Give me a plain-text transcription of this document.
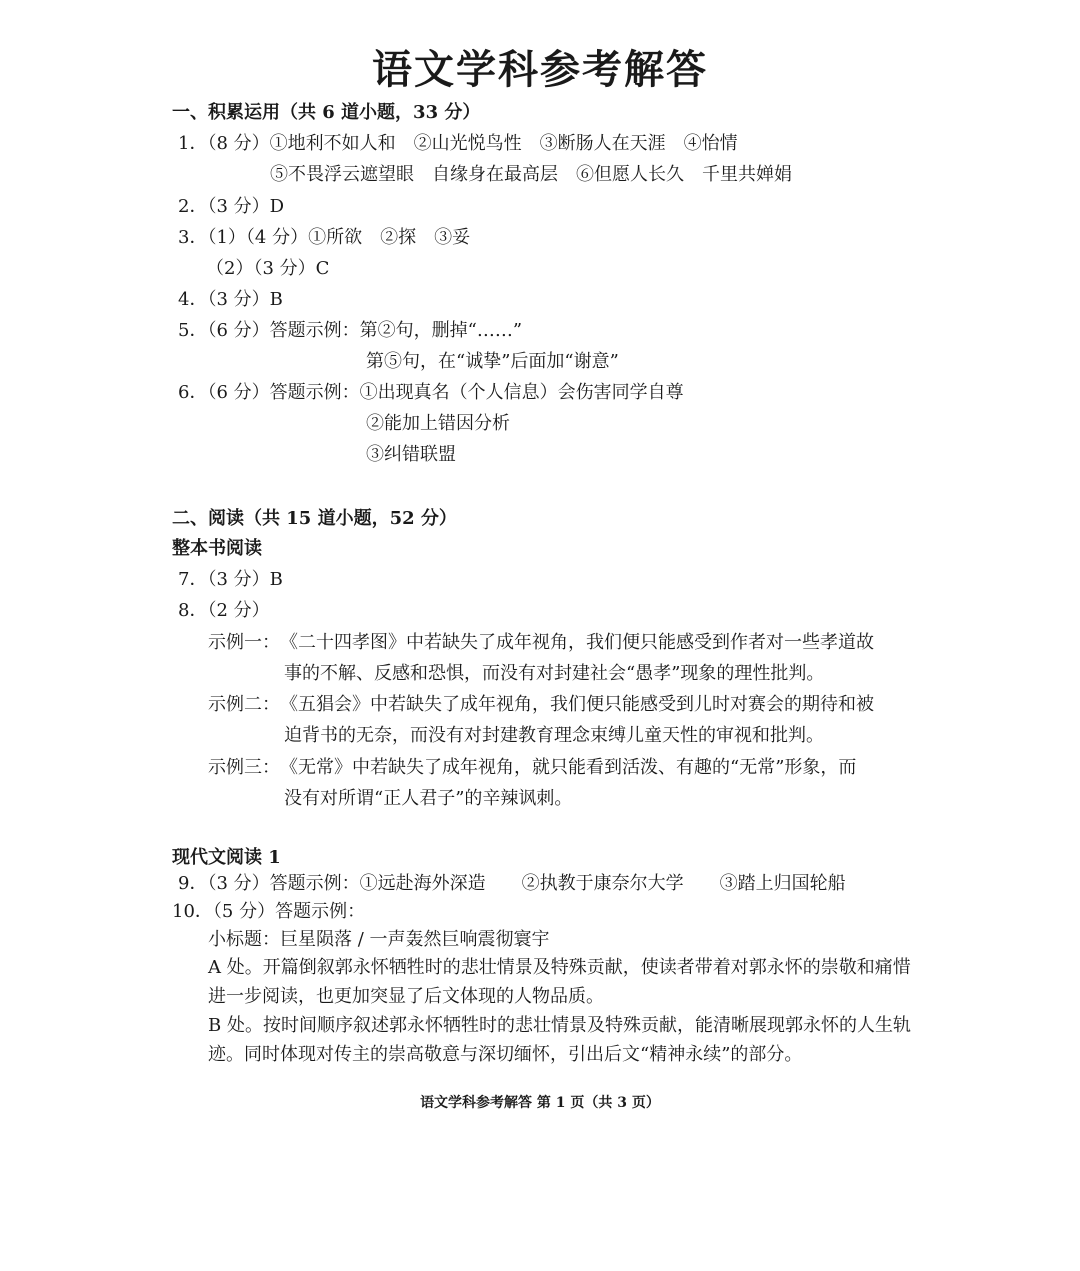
语文学科参考解答
一、积累运用（共 6 道小题，33 分）
1．（8 分）①地利不如人和　②山光悦鸟性　③断肠人在天涯　④怡情
⑤不畏浮云遮望眼　自缘身在最高层　⑥但愿人长久　千里共婵娟
2．（3 分）D
3．（1）（4 分）①所欲　②探　③妥
（2）（3 分）C
4．（3 分）B
5．（6 分）答题示例：第②句，删掉“……”
第⑤句，在“诚挚”后面加“谢意”
6．（6 分）答题示例：①出现真名（个人信息）会伤害同学自尊
②能加上错因分析
③纠错联盟
二、阅读（共 15 道小题，52 分）
整本书阅读
7．（3 分）B
8．（2 分）
示例一： 《二十四孝图》中若缺失了成年视角，我们便只能感受到作者对一些孝道故
事的不解、反感和恐惧，而没有对封建社会“愚孝”现象的理性批判。
示例二： 《五猖会》中若缺失了成年视角，我们便只能感受到儿时对赛会的期待和被
迫背书的无奈，而没有对封建教育理念束缚儿童天性的审视和批判。
示例三： 《无常》中若缺失了成年视角，就只能看到活泼、有趣的“无常”形象，而
没有对所谓“正人君子”的辛辣讽刺。
现代文阅读 1
9．（3 分）答题示例：①远赴海外深造　　②执教于康奈尔大学　　③踏上归国轮船
10．（5 分）答题示例：
小标题：巨星陨落 / 一声轰然巨响震彻寰宇
A 处。开篇倒叙郭永怀牺牲时的悲壮情景及特殊贡献，使读者带着对郭永怀的崇敬和痛惜进一步阅读，也更加突显了后文体现的人物品质。
B 处。按时间顺序叙述郭永怀牺牲时的悲壮情景及特殊贡献，能清晰展现郭永怀的人生轨迹。同时体现对传主的崇高敬意与深切缅怀，引出后文“精神永续”的部分。
语文学科参考解答 第 1 页（共 3 页）
